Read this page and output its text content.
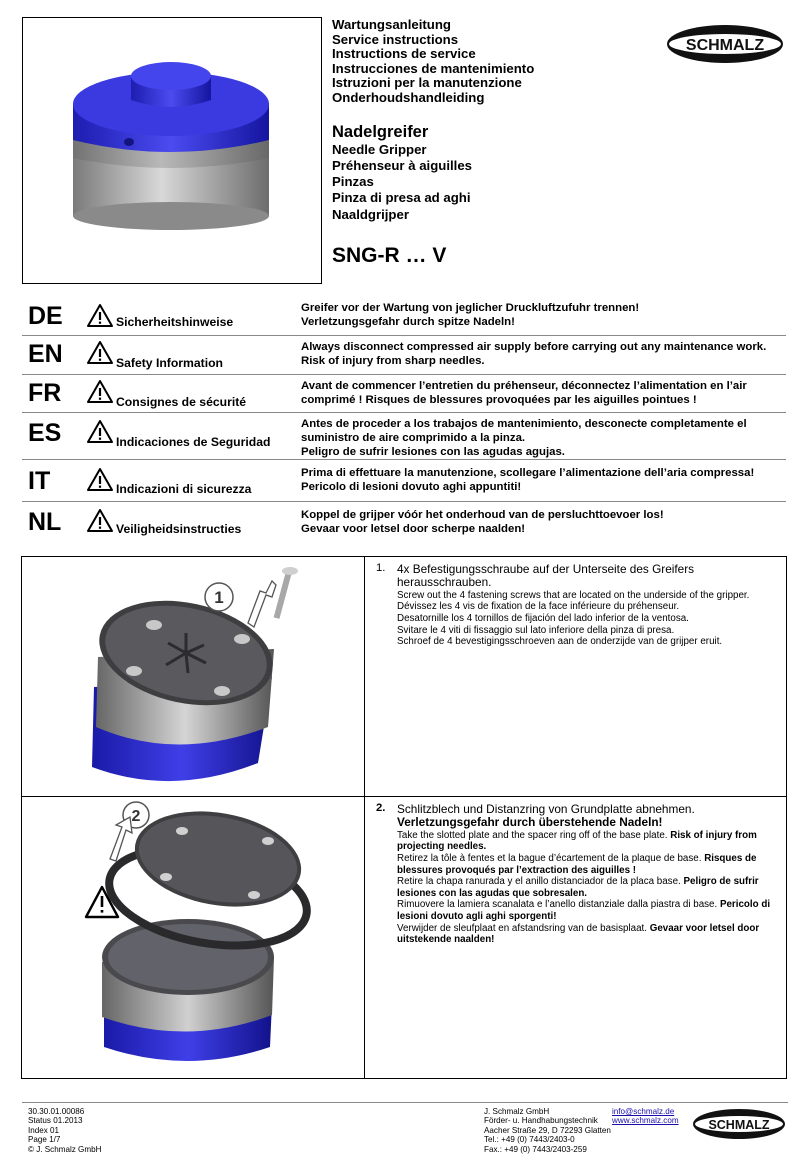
Wartungsanleitung
Service instructions
Instructions de service
Instrucciones de mantenimiento
Istruzioni per la manutenzione
Onderhoudshandleiding
Nadelgreifer
Needle Gripper
Préhenseur à aiguilles
Pinzas
Pinza di presa ad aghi
Naaldgrijper
SNG-R … V
SCHMALZ
DE	Sicherheitshinweise
Greifer vor der Wartung von jeglicher Druckluftzufuhr trennen!
Verletzungsgefahr durch spitze Nadeln!
EN	Safety Information
Always disconnect compressed air supply before carrying out any maintenance work.
Risk of injury from sharp needles.
FR	Consignes de sécurité
Avant de commencer l’entretien du préhenseur, déconnectez l’alimentation en l’air
comprimé ! Risques de blessures provoquées par les aiguilles pointues !
ES	Indicaciones de Seguridad
Antes de proceder a los trabajos de mantenimiento, desconecte completamente el
suministro de aire comprimido a la pinza.
Peligro de sufrir lesiones con las agudas agujas.
IT	Indicazioni di sicurezza
Prima di effettuare la manutenzione, scollegare l’alimentazione dell’aria compressa!
Pericolo di lesioni dovuto aghi appuntiti!
NL	Veiligheidsinstructies
Koppel de grijper vóór het onderhoud van de persluchttoevoer los!
Gevaar voor letsel door scherpe naalden!
1
1. 4x Befestigungsschraube auf der Unterseite des Greifers herausschrauben.
Screw out the 4 fastening screws that are located on the underside of the gripper.
Dévissez les 4 vis de fixation de la face inférieure du préhenseur.
Desatornille los 4 tornillos de fijación del lado inferior de la ventosa.
Svitare le 4 viti di fissaggio sul lato inferiore della pinza di presa.
Schroef de 4 bevestigingsschroeven aan de onderzijde van de grijper eruit.
2	2. Schlitzblech und Distanzring von Grundplatte abnehmen. Verletzungsgefahr durch überstehende Nadeln!
Take the slotted plate and the spacer ring off of the base plate. Risk of injury from projecting needles.
Retirez la tôle à fentes et la bague d’écartement de la plaque de base. Risques de blessures provoqués par l’extraction des aiguilles !
Retire la chapa ranurada y el anillo distanciador de la placa base. Peligro de sufrir lesiones con las agudas que sobresalen.
Rimuovere la lamiera scanalata e l’anello distanziale dalla piastra di base. Pericolo di lesioni dovuto agli aghi sporgenti!
Verwijder de sleufplaat en afstandsring van de basisplaat. Gevaar voor letsel door uitstekende naalden!
30.30.01.00086
Status 01.2013
Index 01
Page 1/7
© J. Schmalz GmbH
J. Schmalz GmbH
Förder- u. Handhabungstechnik
Aacher Straße 29, D 72293 Glatten
Tel.: +49 (0) 7443/2403-0
Fax.: +49 (0) 7443/2403-259
info@schmalz.de
www.schmalz.com SCHMALZ
